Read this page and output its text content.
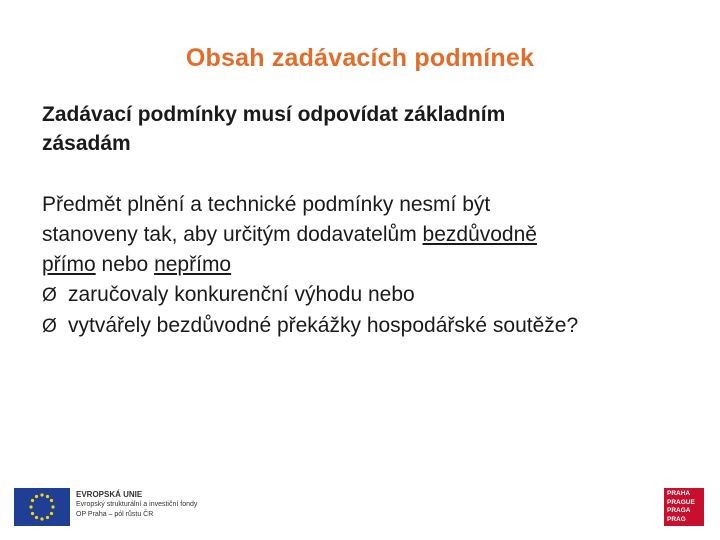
Obsah zadávacích podmínek
Zadávací podmínky musí odpovídat základním
zásadám
Předmět plnění a technické podmínky nesmí být
stanoveny tak, aby určitým dodavatelům bezdůvodně
přímo nebo nepřímo
Ø zaručovaly konkurenční výhodu nebo
Ø vytvářely bezdůvodné překážky hospodářské soutěže?
EVROPSKÁ UNIE
Evropský strukturální a investiční fondy
OP Praha – pól růstu ČR
PRAHA
PRAGUE
PRAGA
PRAG
